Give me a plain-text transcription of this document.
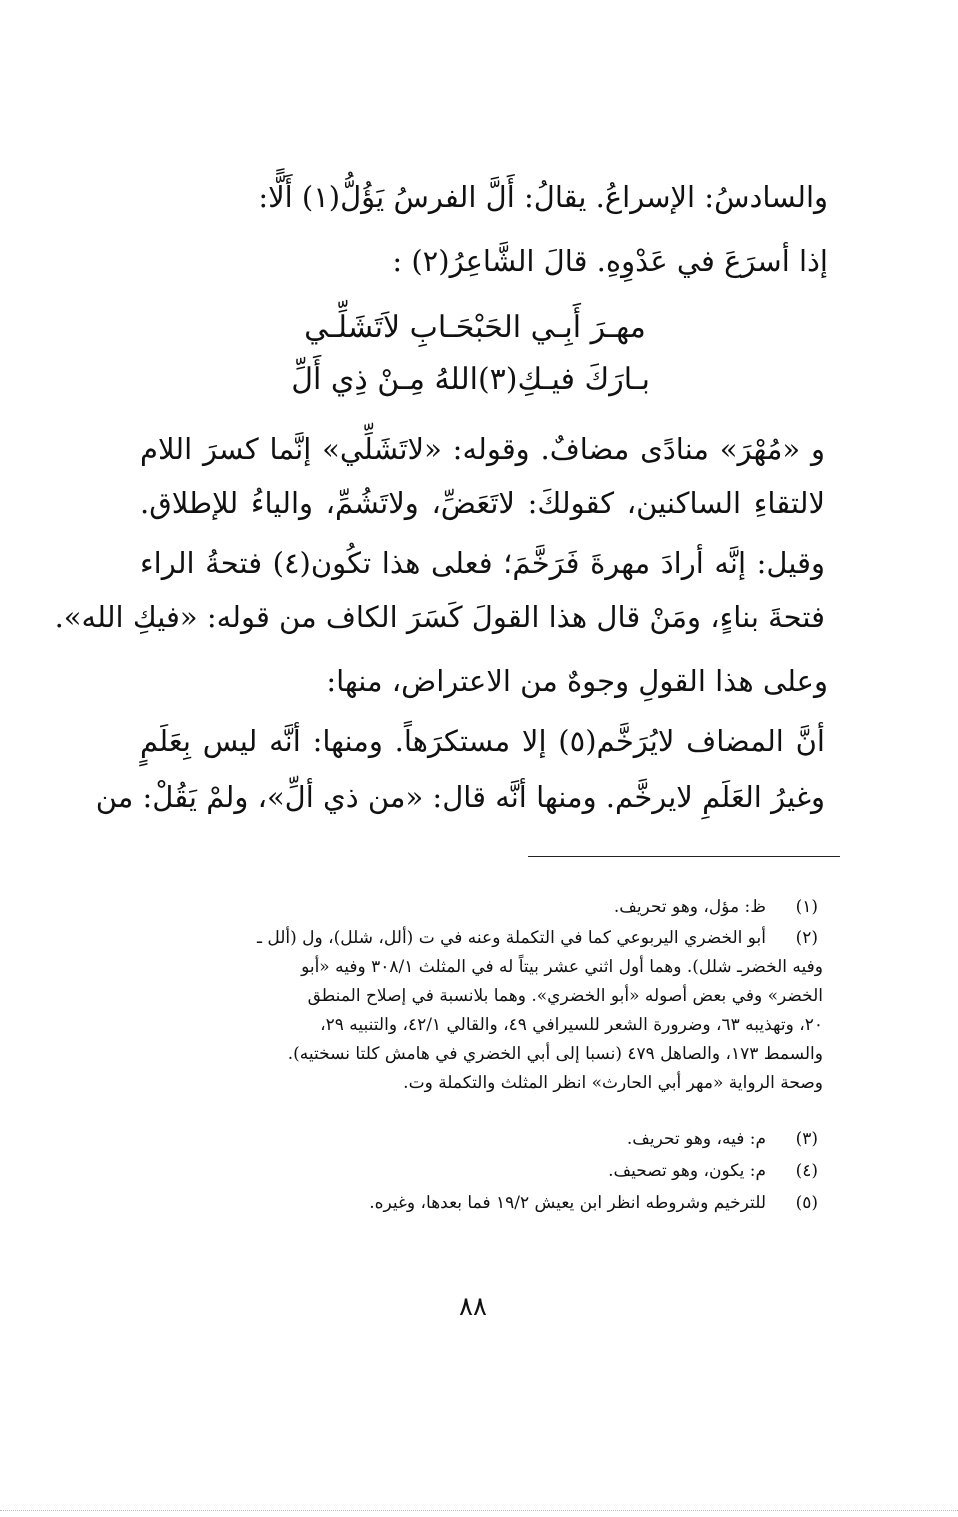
والسادسُ: الإسراعُ. يقالُ: أَلَّ الفرسُ يَؤُلُّ(١) أَلًّا:
إذا أسرَعَ في عَدْوِهِ. قالَ الشَّاعِرُ(٢) :
مهـرَ أَبِـي الحَبْحَـابِ لاَتَشَلِّـي
بـارَكَ فيـكِ(٣)اللهُ مِـنْ ذِي أَلِّ
و «مُهْرَ» منادًى مضافٌ. وقوله: «لاتَشَلِّي» إنَّما كسرَ اللام
لالتقاءِ الساكنين، كقولكَ: لاتَعَضِّ، ولاتَشُمِّ، والياءُ للإطلاق.
وقيل: إنَّه أرادَ مهرةَ فَرَخَّمَ؛ فعلى هذا تكُون(٤) فتحةُ الراء
فتحةَ بناءٍ، ومَنْ قال هذا القولَ كَسَرَ الكاف من قوله: «فيكِ الله».
وعلى هذا القولِ وجوهٌ من الاعتراض، منها:
أنَّ المضاف لايُرَخَّم(٥) إلا مستكرَهاً. ومنها: أنَّه ليس بِعَلَمٍ
وغيرُ العَلَمِ لايرخَّم. ومنها أنَّه قال: «من ذي ألِّ»، ولمْ يَقُلْ: من
(١)ظ: مؤل، وهو تحريف.
(٢)أبو الخضري اليربوعي كما في التكملة وعنه في ت (ألل، شلل)، ول (ألل ـ
وفيه الخضرـ شلل). وهما أول اثني عشر بيتاً له في المثلث ٣٠٨/١ وفيه «أبو
الخضر» وفي بعض أصوله «أبو الخضري». وهما بلانسبة في إصلاح المنطق
٢٠، وتهذيبه ٦٣، وضرورة الشعر للسيرافي ٤٩، والقالي ٤٢/١، والتنبيه ٢٩،
والسمط ١٧٣، والصاهل ٤٧٩ (نسبا إلى أبي الخضري في هامش كلتا نسختيه).
وصحة الرواية «مهر أبي الحارث» انظر المثلث والتكملة وت.
(٣)م: فيه، وهو تحريف.
(٤)م: يكون، وهو تصحيف.
(٥)للترخيم وشروطه انظر ابن يعيش ١٩/٢ فما بعدها، وغيره.
٨٨
